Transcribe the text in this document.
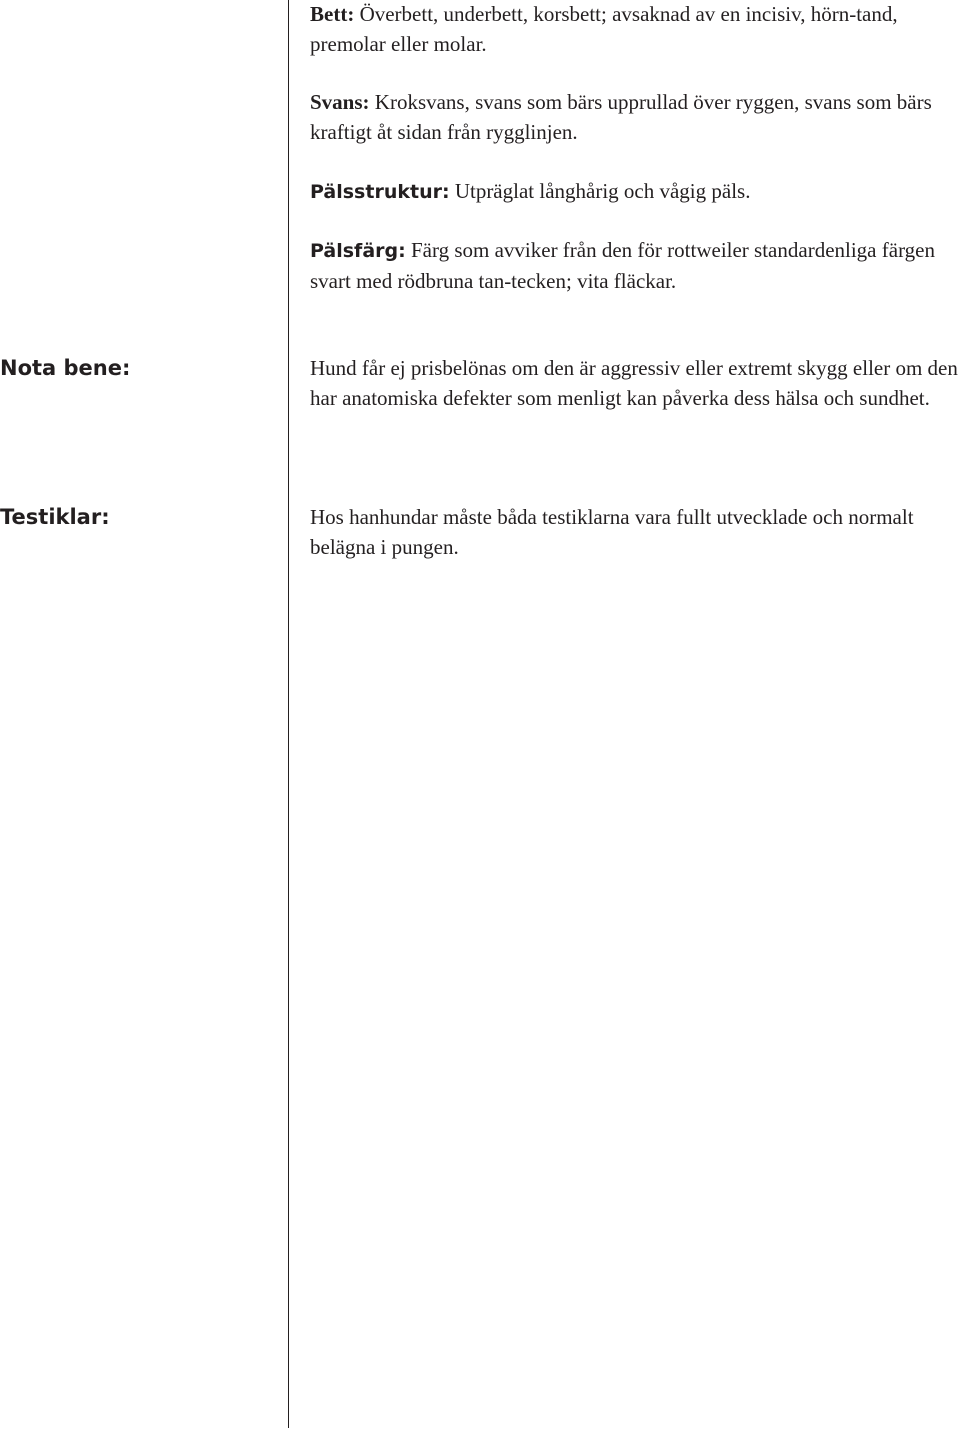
Bett: Överbett, underbett, korsbett; avsaknad av en incisiv, hörn-tand, premolar eller molar.

Svans: Kroksvans, svans som bärs upprullad över ryggen, svans som bärs kraftigt åt sidan från rygglinjen.

Pälsstruktur: Utpräglat långhårig och vågig päls.

Pälsfärg: Färg som avviker från den för rottweiler standardenliga färgen svart med rödbruna tan-tecken; vita fläckar.

Nota bene:	Hund får ej prisbelönas om den är aggressiv eller extremt skygg eller om den har anatomiska defekter som menligt kan påverka dess hälsa och sundhet.

Testiklar:	Hos hanhundar måste båda testiklarna vara fullt utvecklade och normalt belägna i pungen.
